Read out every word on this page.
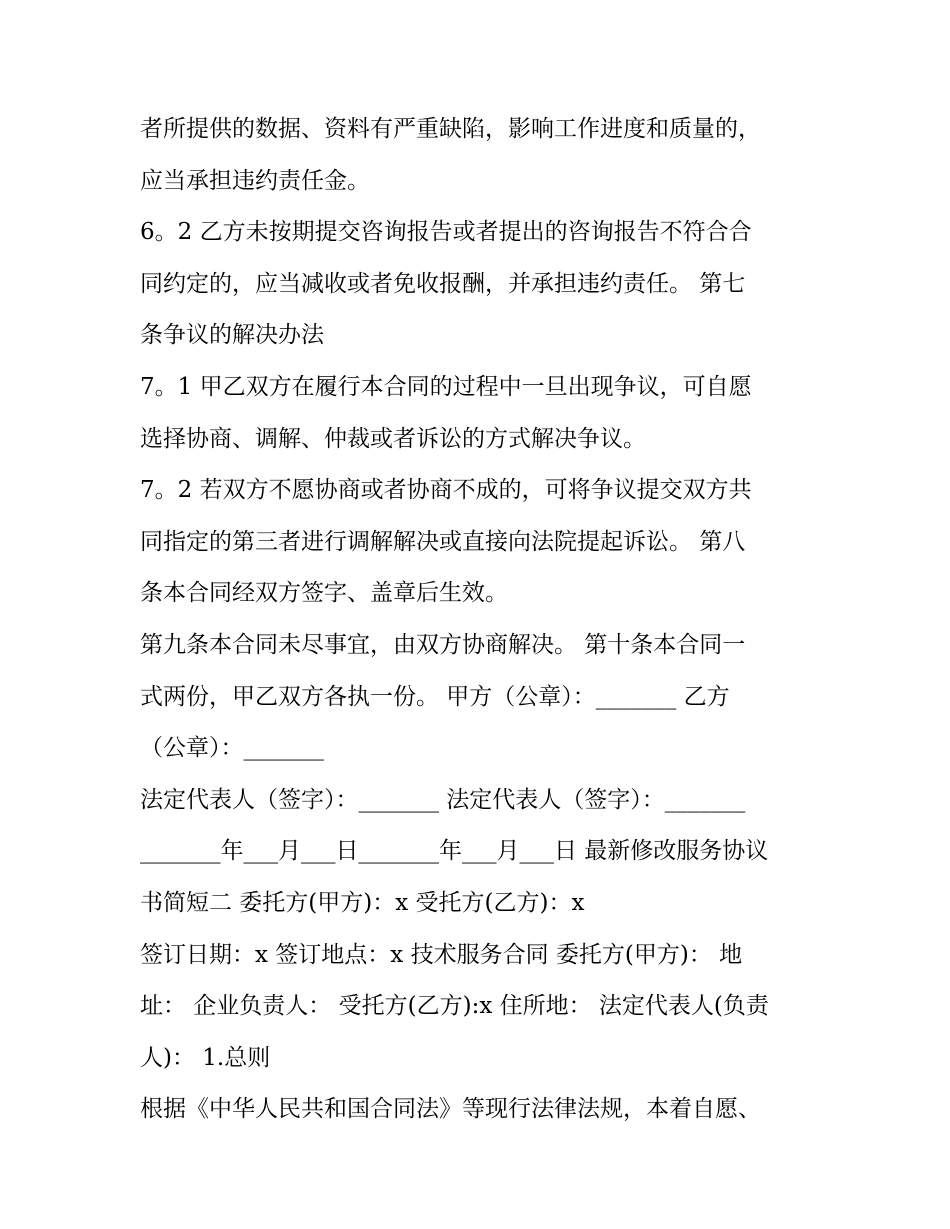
者所提供的数据、资料有严重缺陷，影响工作进度和质量的，
应当承担违约责任金。
6。2 乙方未按期提交咨询报告或者提出的咨询报告不符合合
同约定的，应当减收或者免收报酬，并承担违约责任。 第七
条争议的解决办法
7。1 甲乙双方在履行本合同的过程中一旦出现争议，可自愿
选择协商、调解、仲裁或者诉讼的方式解决争议。
7。2 若双方不愿协商或者协商不成的，可将争议提交双方共
同指定的第三者进行调解解决或直接向法院提起诉讼。 第八
条本合同经双方签字、盖章后生效。
第九条本合同未尽事宜，由双方协商解决。 第十条本合同一
式两份，甲乙双方各执一份。 甲方（公章）：_______ 乙方
（公章）：_______
法定代表人（签字）：_______ 法定代表人（签字）：_______
_______年___月___日_______年___月___日 最新修改服务协议
书简短二 委托方(甲方)：x 受托方(乙方)：x
签订日期：x 签订地点：x 技术服务合同 委托方(甲方)： 地
址： 企业负责人： 受托方(乙方):x 住所地： 法定代表人(负责
人)： 1.总则
根据《中华人民共和国合同法》等现行法律法规，本着自愿、
